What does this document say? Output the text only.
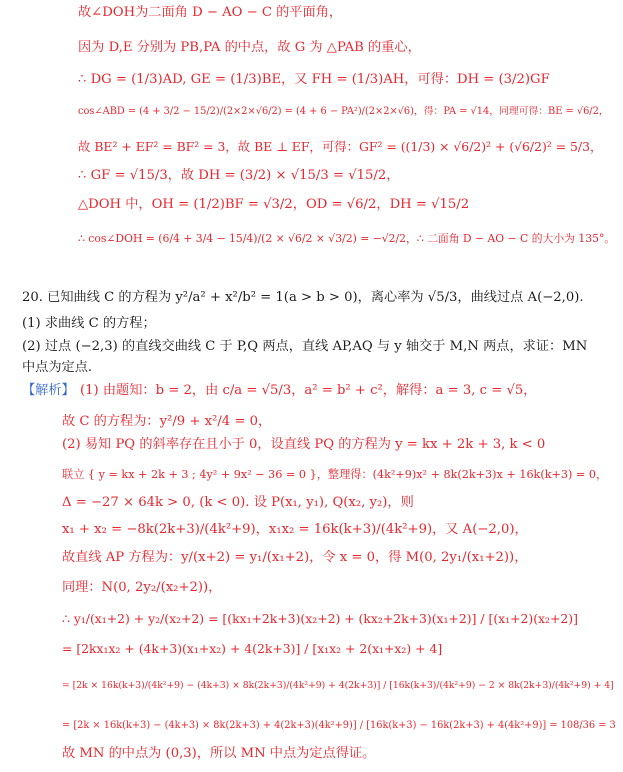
故∠DOH为二面角 D − AO − C 的平面角，
因为 D,E 分别为 PB,PA 的中点，故 G 为 △PAB 的重心，
∴ DG = (1/3)AD, GE = (1/3)BE，又 FH = (1/3)AH，可得：DH = (3/2)GF
cos∠ABD = (4 + 3/2 − 15/2)/(2×2×√6/2) = (4 + 6 − PA²)/(2×2×√6)，得：PA = √14，同理可得：BE = √6/2，
故 BE² + EF² = BF² = 3，故 BE ⊥ EF，可得：GF² = ((1/3) × √6/2)² + (√6/2)² = 5/3，
∴ GF = √15/3，故 DH = (3/2) × √15/3 = √15/2，
△DOH 中，OH = (1/2)BF = √3/2，OD = √6/2，DH = √15/2
∴ cos∠DOH = (6/4 + 3/4 − 15/4)/(2 × √6/2 × √3/2) = −√2/2，∴ 二面角 D − AO − C 的大小为 135°。
20. 已知曲线 C 的方程为 y²/a² + x²/b² = 1(a > b > 0)，离心率为 √5/3，曲线过点 A(−2,0).
(1) 求曲线 C 的方程；
(2) 过点 (−2,3) 的直线交曲线 C 于 P,Q 两点，直线 AP,AQ 与 y 轴交于 M,N 两点，求证：MN
中点为定点.
【解析】 (1) 由题知：b = 2，由 c/a = √5/3，a² = b² + c²，解得：a = 3, c = √5，
故 C 的方程为：y²/9 + x²/4 = 0，
(2) 易知 PQ 的斜率存在且小于 0，设直线 PQ 的方程为 y = kx + 2k + 3, k < 0
联立 { y = kx + 2k + 3 ; 4y² + 9x² − 36 = 0 }，整理得：(4k²+9)x² + 8k(2k+3)x + 16k(k+3) = 0，
Δ = −27 × 64k > 0, (k < 0). 设 P(x₁, y₁), Q(x₂, y₂)，则
x₁ + x₂ = −8k(2k+3)/(4k²+9)，x₁x₂ = 16k(k+3)/(4k²+9)，又 A(−2,0)，
故直线 AP 方程为：y/(x+2) = y₁/(x₁+2)，令 x = 0，得 M(0, 2y₁/(x₁+2))，
同理：N(0, 2y₂/(x₂+2))，
∴ y₁/(x₁+2) + y₂/(x₂+2) = [(kx₁+2k+3)(x₂+2) + (kx₂+2k+3)(x₁+2)] / [(x₁+2)(x₂+2)]
= [2kx₁x₂ + (4k+3)(x₁+x₂) + 4(2k+3)] / [x₁x₂ + 2(x₁+x₂) + 4]
= [2k × 16k(k+3)/(4k²+9) − (4k+3) × 8k(2k+3)/(4k²+9) + 4(2k+3)] / [16k(k+3)/(4k²+9) − 2 × 8k(2k+3)/(4k²+9) + 4]
= [2k × 16k(k+3) − (4k+3) × 8k(2k+3) + 4(2k+3)(4k²+9)] / [16k(k+3) − 16k(2k+3) + 4(4k²+9)] = 108/36 = 3
故 MN 的中点为 (0,3)，所以 MN 中点为定点得证。
